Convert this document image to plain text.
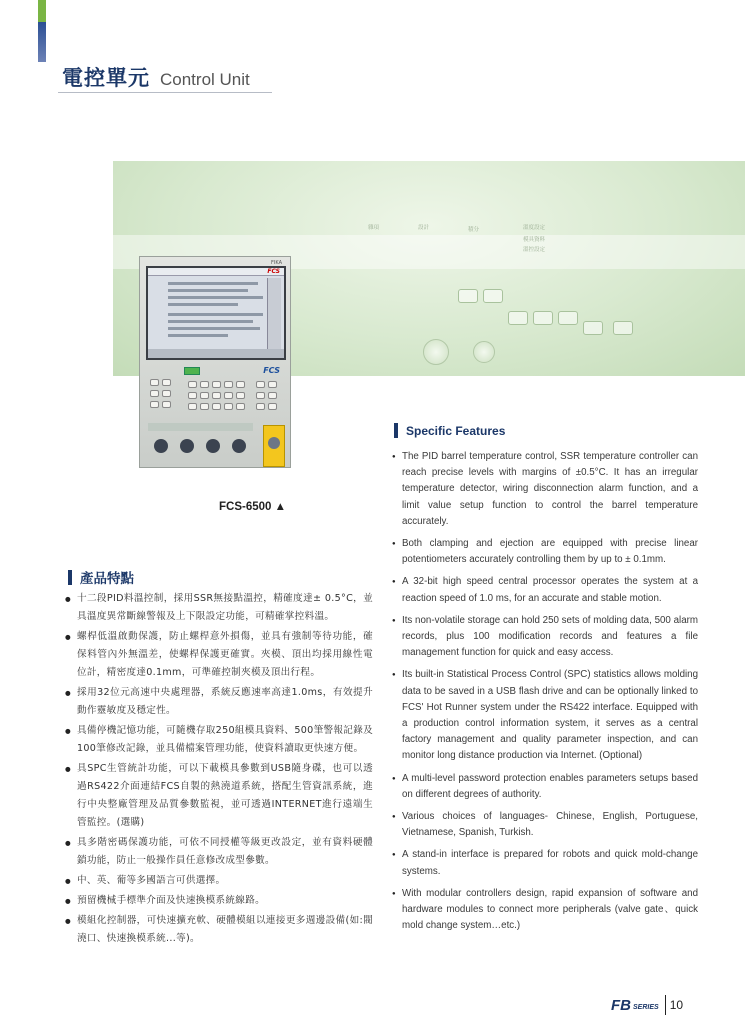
電控單元 Control Unit
雜項	設計	積分	溫度設定
模具資料
溫控設定
FIKA
FCS
FCS
FCS-6500 ▲
Specific Features
● The PID barrel temperature control, SSR temperature controller can reach precise levels with margins of ±0.5°C. It has an irregular temperature detector, wiring disconnection alarm function, and a limit value setup function to control the barrel temperature accurately.
● Both clamping and ejection are equipped with precise linear potentiometers accurately controlling them by up to ± 0.1mm.
● A 32-bit high speed central processor operates the system at a reaction speed of 1.0 ms, for an accurate and stable motion.
● Its non-volatile storage can hold 250 sets of molding data, 500 alarm records, plus 100 modification records and features a file management function for quick and easy access.
● Its built-in Statistical Process Control (SPC) statistics allows molding data to be saved in a USB flash drive and can be optionally linked to FCS' Hot Runner system under the RS422 interface. Equipped with a production control information system, it serves as a central factory management and quality parameter inspection, and can monitor long distance production via Internet. (Optional)
● A multi-level password protection enables parameters setups based on different degrees of authority.
● Various choices of languages- Chinese, English, Portuguese, Vietnamese, Spanish, Turkish.
● A stand-in interface is prepared for robots and quick mold-change systems.
● With modular controllers design, rapid expansion of software and hardware modules to connect more peripherals (valve gate、quick mold change system…etc.)
產品特點
● 十二段PID料溫控制，採用SSR無接點溫控，精確度達± 0.5°C，並具溫度異常斷線警報及上下限設定功能，可精確掌控料溫。
● 螺桿低溫啟動保護，防止螺桿意外損傷，並具有強制等待功能，確保料管內外無溫差，使螺桿保護更確實。夾模、頂出均採用線性電位計，精密度達0.1mm，可準確控制夾模及頂出行程。
● 採用32位元高速中央處理器，系統反應速率高達1.0ms，有效提升動作靈敏度及穩定性。
● 具備停機記憶功能，可隨機存取250組模具資料、500筆警報記錄及100筆修改記錄，並具備檔案管理功能，使資料讀取更快速方便。
● 具SPC生管統計功能，可以下載模具參數到USB隨身碟，也可以透過RS422介面連結FCS自製的熱澆道系統，搭配生管資訊系統，進行中央整廠管理及品質參數監視，並可透過INTERNET進行遠端生管監控。(選購)
● 具多階密碼保護功能，可依不同授權等級更改設定，並有資料硬體鎖功能，防止一般操作員任意修改成型參數。
● 中、英、葡等多國語言可供選擇。
● 預留機械手標準介面及快速換模系統線路。
● 模組化控制器，可快速擴充軟、硬體模組以連接更多週邊設備(如:閥澆口、快速換模系統...等)。
FB SERIES 10
